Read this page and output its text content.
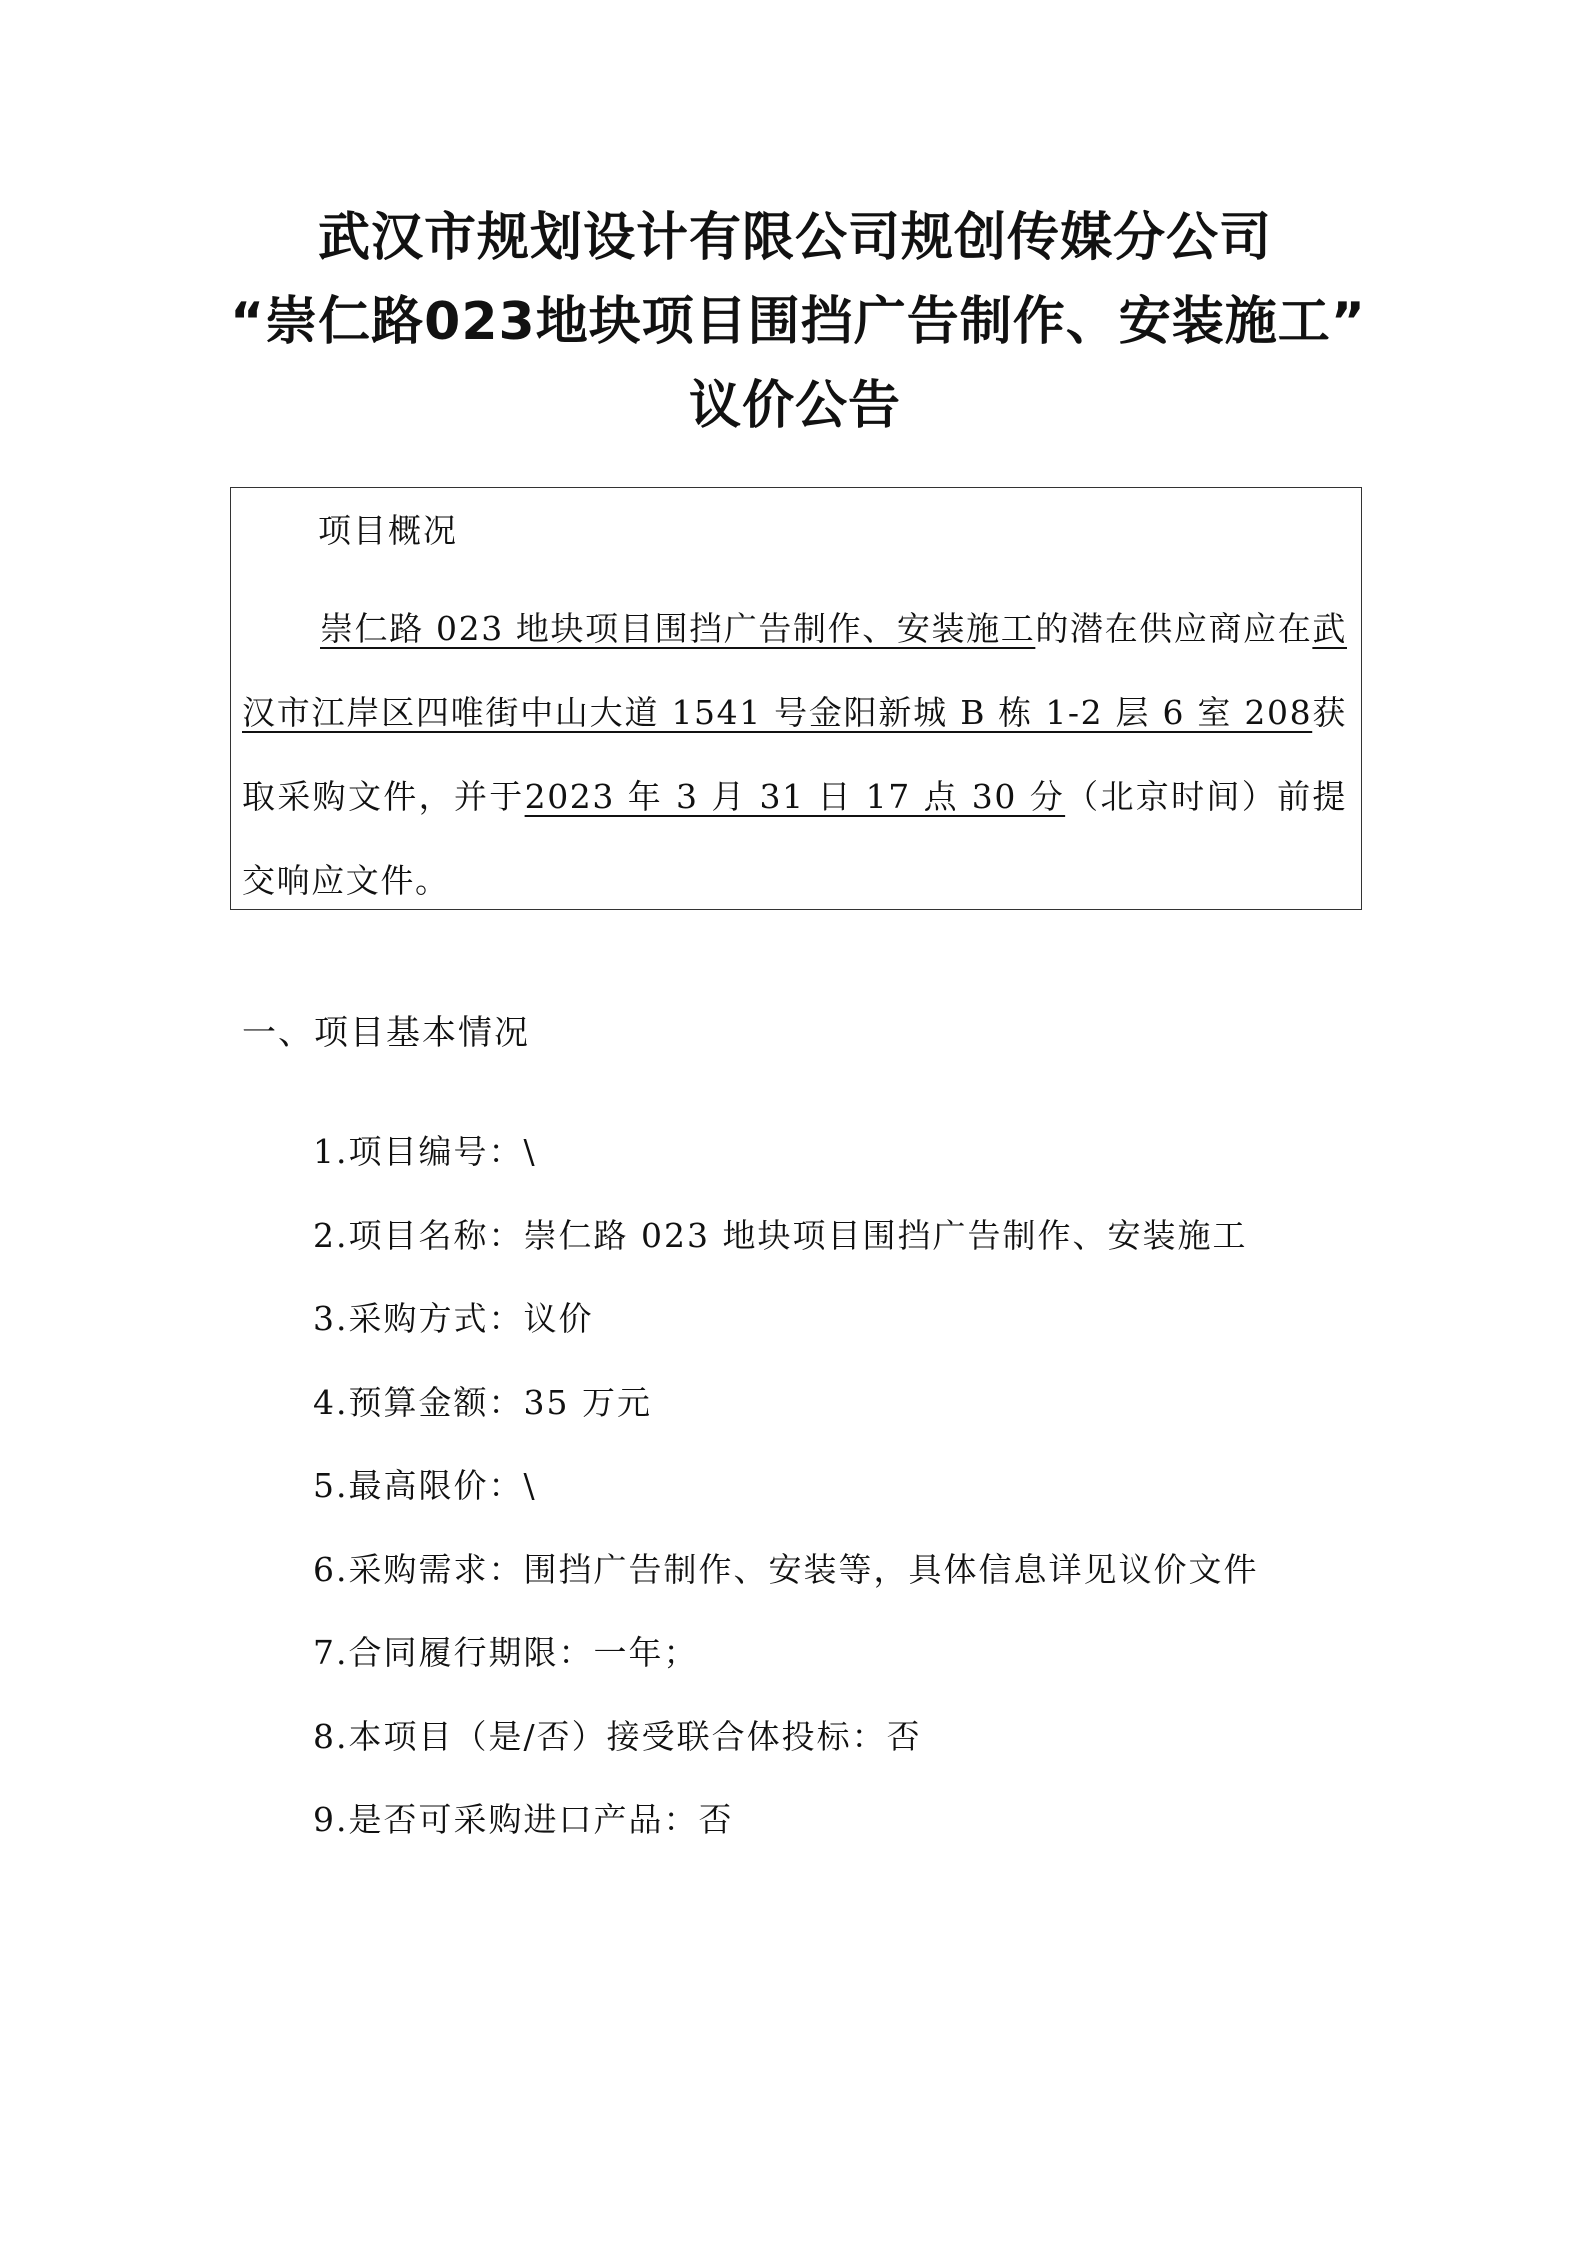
武汉市规划设计有限公司规创传媒分公司
“崇仁路023地块项目围挡广告制作、安装施工”
议价公告
项目概况
崇仁路 023 地块项目围挡广告制作、安装施工的潜在供应商应在武汉市江岸区四唯街中山大道 1541 号金阳新城 B 栋 1-2 层 6 室 208获取采购文件，并于2023 年 3 月 31 日 17 点 30 分（北京时间）前提交响应文件。
一、项目基本情况
1.项目编号：\
2.项目名称：崇仁路 023 地块项目围挡广告制作、安装施工
3.采购方式：议价
4.预算金额：35 万元
5.最高限价：\
6.采购需求：围挡广告制作、安装等，具体信息详见议价文件
7.合同履行期限：一年；
8.本项目（是/否）接受联合体投标：否
9.是否可采购进口产品：否
